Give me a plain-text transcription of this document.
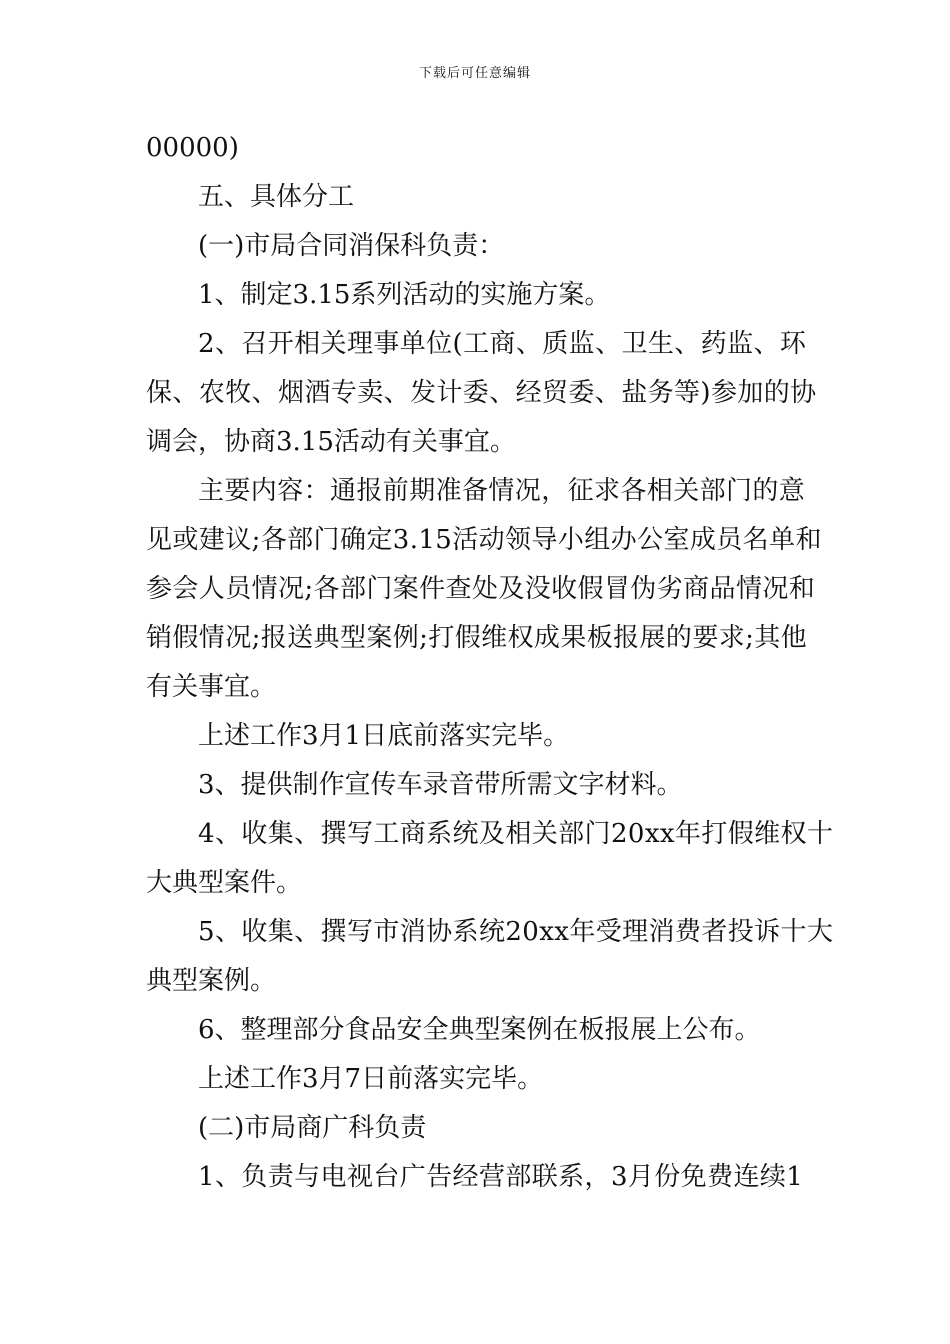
下载后可任意编辑
00000)
五、具体分工
(一)市局合同消保科负责：
1、制定3.15系列活动的实施方案。
2、召开相关理事单位(工商、质监、卫生、药监、环
保、农牧、烟酒专卖、发计委、经贸委、盐务等)参加的协
调会，协商3.15活动有关事宜。
主要内容：通报前期准备情况，征求各相关部门的意
见或建议;各部门确定3.15活动领导小组办公室成员名单和
参会人员情况;各部门案件查处及没收假冒伪劣商品情况和
销假情况;报送典型案例;打假维权成果板报展的要求;其他
有关事宜。
上述工作3月1日底前落实完毕。
3、提供制作宣传车录音带所需文字材料。
4、收集、撰写工商系统及相关部门20xx年打假维权十
大典型案件。
5、收集、撰写市消协系统20xx年受理消费者投诉十大
典型案例。
6、整理部分食品安全典型案例在板报展上公布。
上述工作3月7日前落实完毕。
(二)市局商广科负责
1、负责与电视台广告经营部联系，3月份免费连续1
